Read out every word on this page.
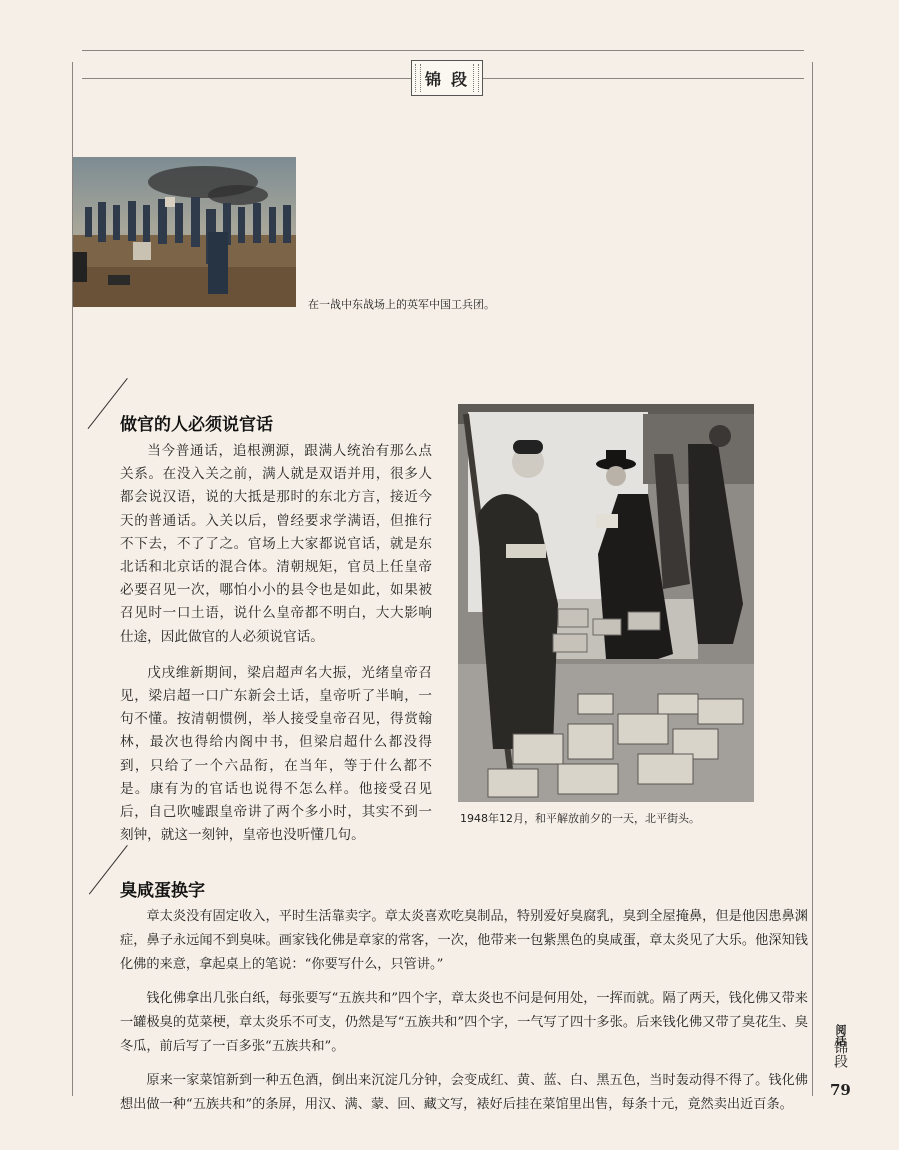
锦段
在一战中东战场上的英军中国工兵团。
做官的人必须说官话

当今普通话，追根溯源，跟满人统治有那么点关系。在没入关之前，满人就是双语并用，很多人都会说汉语，说的大抵是那时的东北方言，接近今天的普通话。入关以后，曾经要求学满语，但推行不下去，不了了之。官场上大家都说官话，就是东北话和北京话的混合体。清朝规矩，官员上任皇帝必要召见一次，哪怕小小的县令也是如此，如果被召见时一口土语，说什么皇帝都不明白，大大影响仕途，因此做官的人必须说官话。

戊戌维新期间，梁启超声名大振，光绪皇帝召见，梁启超一口广东新会土话，皇帝听了半晌，一句不懂。按清朝惯例，举人接受皇帝召见，得赏翰林，最次也得给内阁中书，但梁启超什么都没得到，只给了一个六品衔，在当年，等于什么都不是。康有为的官话也说得不怎么样。他接受召见后，自己吹嘘跟皇帝讲了两个多小时，其实不到一刻钟，就这一刻钟，皇帝也没听懂几句。

1948年12月，和平解放前夕的一天，北平街头。
臭咸蛋换字

章太炎没有固定收入，平时生活靠卖字。章太炎喜欢吃臭制品，特别爱好臭腐乳，臭到全屋掩鼻，但是他因患鼻渊症，鼻子永远闻不到臭味。画家钱化佛是章家的常客，一次，他带来一包紫黑色的臭咸蛋，章太炎见了大乐。他深知钱化佛的来意，拿起桌上的笔说：“你要写什么，只管讲。”

钱化佛拿出几张白纸，每张要写“五族共和”四个字，章太炎也不问是何用处，一挥而就。隔了两天，钱化佛又带来一罐极臭的苋菜梗，章太炎乐不可支，仍然是写“五族共和”四个字，一气写了四十多张。后来钱化佛又带了臭花生、臭冬瓜，前后写了一百多张“五族共和”。

原来一家菜馆新到一种五色酒，倒出来沉淀几分钟，会变成红、黄、蓝、白、黑五色，当时轰动得不得了。钱化佛想出做一种“五族共和”的条屏，用汉、满、蒙、回、藏文写，裱好后挂在菜馆里出售，每条十元，竟然卖出近百条。

阅话
锦段
79
